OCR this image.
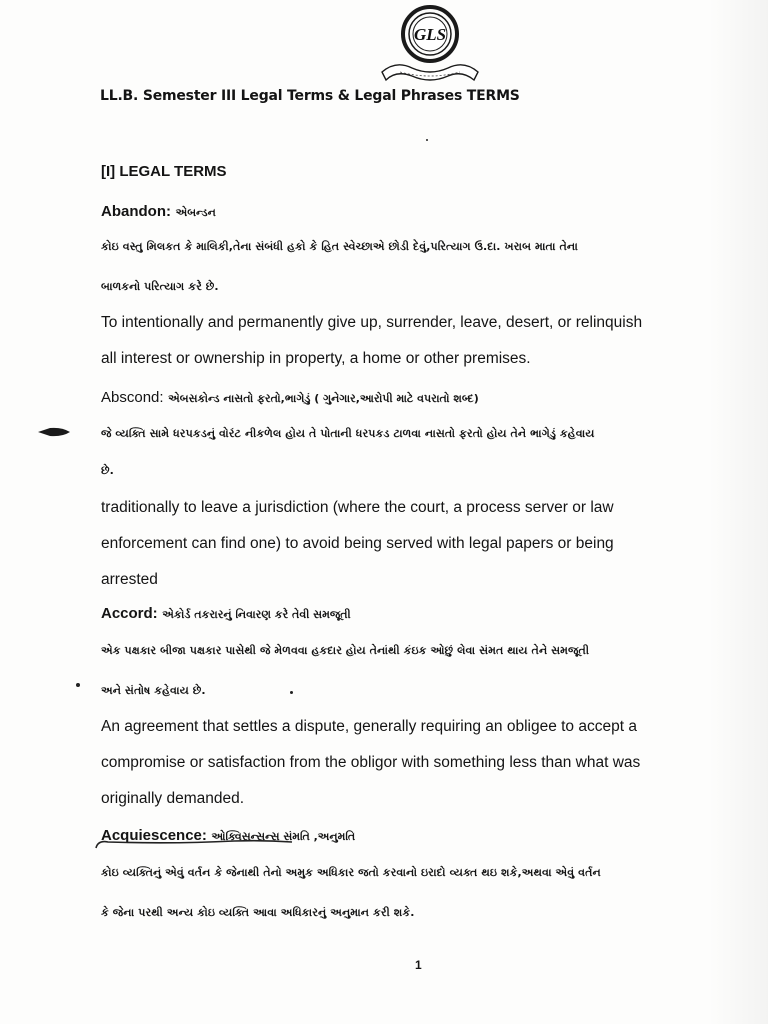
GLS
LL.B. Semester III Legal Terms & Legal Phrases TERMS
[I] LEGAL TERMS
Abandon: એબન્ડન
કોઇ વસ્તુ મિલકત કે માલિકી,તેના સંબંધી હકો કે હિત સ્વેચ્છાએ છોડી દેવું,પરિત્યાગ ઉ.દા. ખરાબ માતા તેના
બાળકનો પરિત્યાગ કરે છે.
To intentionally and permanently give up, surrender, leave, desert, or relinquish
all interest or ownership in property, a home or other premises.
Abscond: એબસકોન્ડ નાસતો ફરતો,ભાગેડું ( ગુનેગાર,આરોપી માટે વપરાતો શબ્દ)
જે વ્યક્તિ સામે ધરપકડનું વોરંટ નીકળેલ હોય તે પોતાની ધરપકડ ટાળવા નાસતો ફરતો હોય તેને ભાગેડું કહેવાય
છે.
traditionally to leave a jurisdiction (where the court, a process server or law
enforcement can find one) to avoid being served with legal papers or being
arrested
Accord: એકોર્ડ તકરારનું નિવારણ કરે તેવી સમજૂતી
એક પક્ષકાર બીજા પક્ષકાર પાસેથી જે મેળવવા હકદાર હોય તેનાંથી કંઇક ઓછું લેવા સંમત થાય તેને સમજૂતી
અને સંતોષ કહેવાય છે.
An agreement that settles a dispute, generally requiring an obligee to accept a
compromise or satisfaction from the obligor with something less than what was
originally demanded.
Acquiescence: ઓક્વિસન્સન્સ સંમતિ ,અનુમતિ
કોઇ વ્યક્તિનું એવું વર્તન કે જેનાથી તેનો અમુક અધિકાર જતો કરવાનો ઇરાદો વ્યક્ત થઇ શકે,અથવા એવું વર્તન
કે જેના પરથી અન્ય કોઇ વ્યક્તિ આવા અધિકારનું અનુમાન કરી શકે.
1
